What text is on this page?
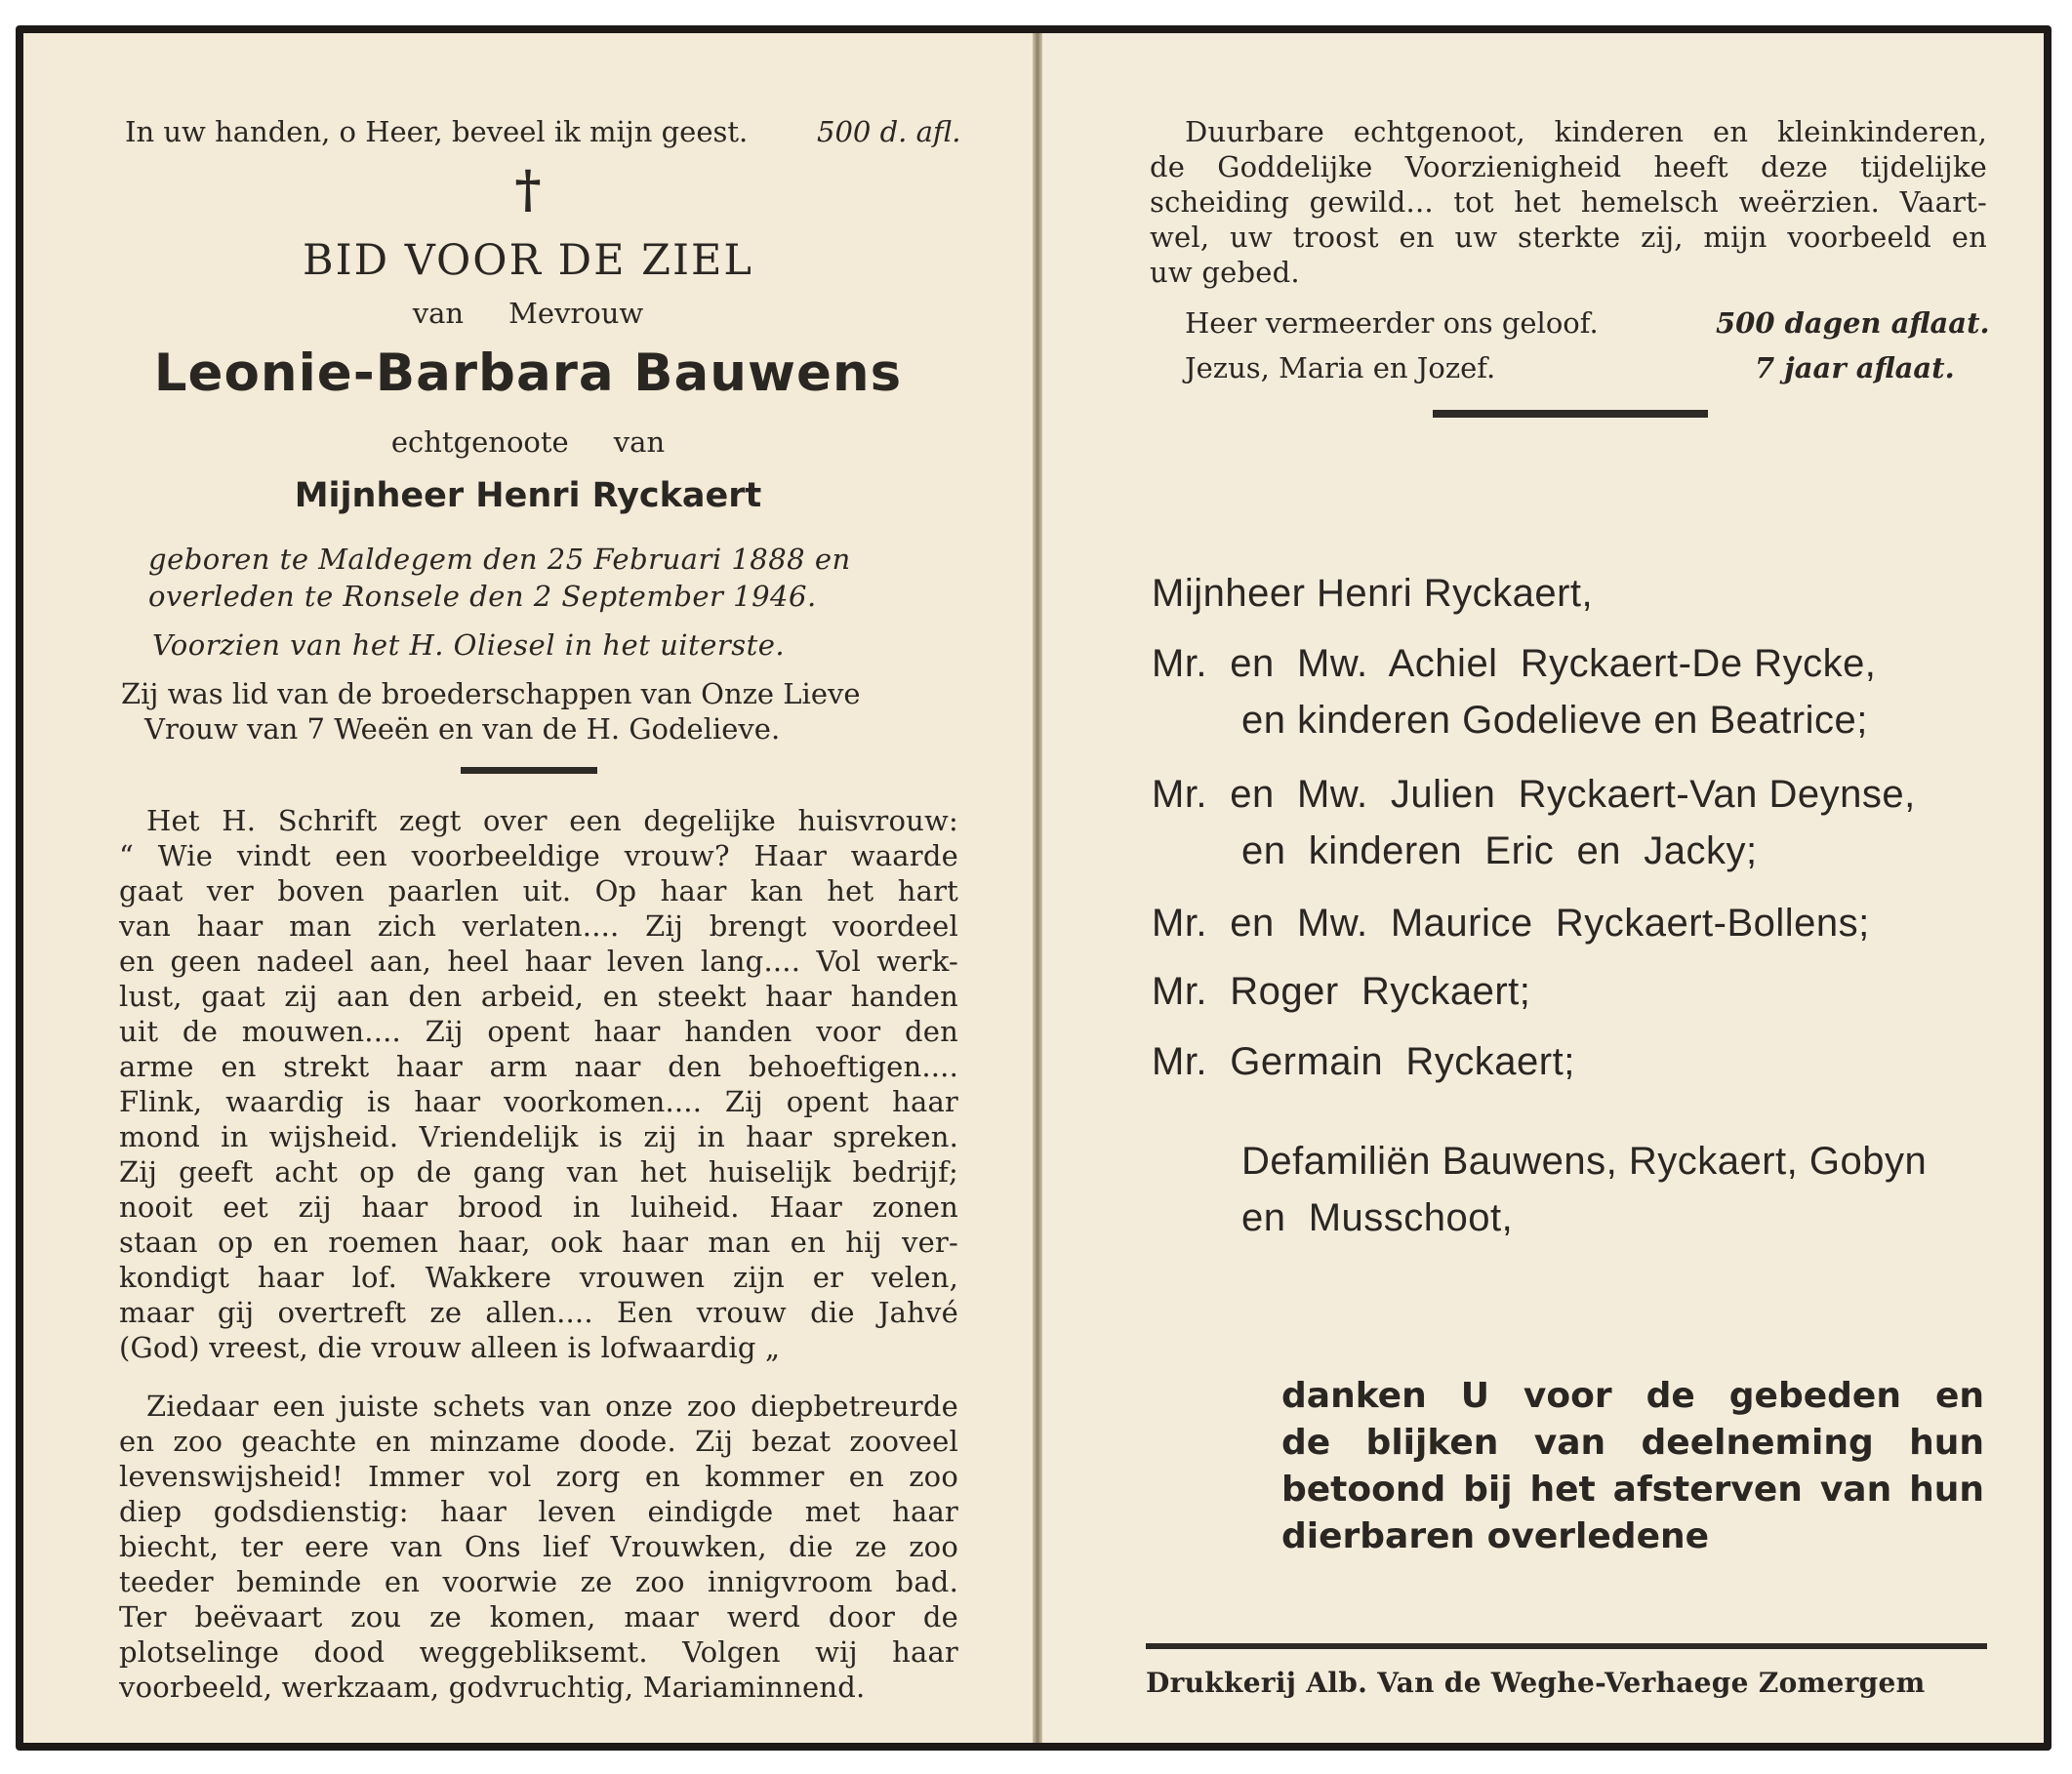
In uw handen, o Heer, beveel ik mijn geest. 500 d. afl.
†
BID VOOR DE ZIEL
van     Mevrouw
Leonie-Barbara Bauwens
echtgenoote     van
Mijnheer Henri Ryckaert
geboren te Maldegem den 25 Februari 1888 en
overleden te Ronsele den 2 September 1946.
Voorzien van het H. Oliesel in het uiterste.
Zij was lid van de broederschappen van Onze Lieve
Vrouw van 7 Weeën en van de H. Godelieve.
Het H. Schrift zegt over een degelijke huisvrouw:
“ Wie vindt een voorbeeldige vrouw? Haar waarde
gaat ver boven paarlen uit. Op haar kan het hart
van haar man zich verlaten.... Zij brengt voordeel
en geen nadeel aan, heel haar leven lang.... Vol werk-
lust, gaat zij aan den arbeid, en steekt haar handen
uit de mouwen.... Zij opent haar handen voor den
arme en strekt haar arm naar den behoeftigen....
Flink, waardig is haar voorkomen.... Zij opent haar
mond in wijsheid. Vriendelijk is zij in haar spreken.
Zij geeft acht op de gang van het huiselijk bedrijf;
nooit eet zij haar brood in luiheid. Haar zonen
staan op en roemen haar, ook haar man en hij ver-
kondigt haar lof. Wakkere vrouwen zijn er velen,
maar gij overtreft ze allen.... Een vrouw die Jahvé
(God) vreest, die vrouw alleen is lofwaardig „
Ziedaar een juiste schets van onze zoo diepbetreurde
en zoo geachte en minzame doode. Zij bezat zooveel
levenswijsheid! Immer vol zorg en kommer en zoo
diep godsdienstig: haar leven eindigde met haar
biecht, ter eere van Ons lief Vrouwken, die ze zoo
teeder beminde en voorwie ze zoo innigvroom bad.
Ter beëvaart zou ze komen, maar werd door de
plotselinge dood weggebliksemt. Volgen wij haar
voorbeeld, werkzaam, godvruchtig, Mariaminnend.
Duurbare echtgenoot, kinderen en kleinkinderen,
de Goddelijke Voorzienigheid heeft deze tijdelijke
scheiding gewild... tot het hemelsch weërzien. Vaart-
wel, uw troost en uw sterkte zij, mijn voorbeeld en
uw gebed.
Heer vermeerder ons geloof.	500 dagen aflaat.
Jezus, Maria en Jozef.	7 jaar aflaat.
Mijnheer Henri Ryckaert,
Mr.  en  Mw.  Achiel  Ryckaert-De Rycke,
en kinderen Godelieve en Beatrice;
Mr.  en  Mw.  Julien  Ryckaert-Van Deynse,
en  kinderen  Eric  en  Jacky;
Mr.  en  Mw.  Maurice  Ryckaert-Bollens;
Mr.  Roger  Ryckaert;
Mr.  Germain  Ryckaert;
Defamiliën Bauwens, Ryckaert, Gobyn
en  Musschoot,
danken U voor de gebeden en
de blijken van deelneming hun
betoond bij het afsterven van hun
dierbaren overledene
Drukkerij Alb. Van de Weghe-Verhaege Zomergem
